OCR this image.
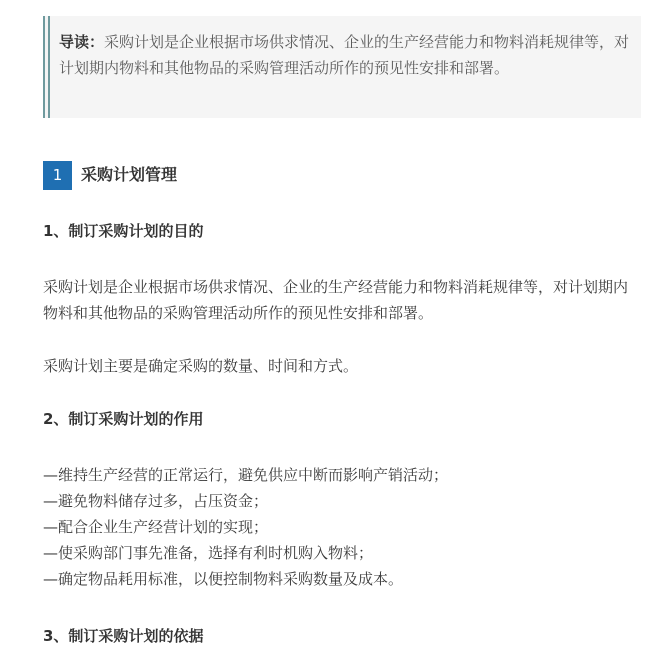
导读：采购计划是企业根据市场供求情况、企业的生产经营能力和物料消耗规律等，对计划期内物料和其他物品的采购管理活动所作的预见性安排和部署。
1	采购计划管理
1、制订采购计划的目的
采购计划是企业根据市场供求情况、企业的生产经营能力和物料消耗规律等，对计划期内物料和其他物品的采购管理活动所作的预见性安排和部署。
采购计划主要是确定采购的数量、时间和方式。
2、制订采购计划的作用
—维持生产经营的正常运行，避免供应中断而影响产销活动；
—避免物料储存过多，占压资金；
—配合企业生产经营计划的实现；
—使采购部门事先准备，选择有利时机购入物料；
—确定物品耗用标准，以便控制物料采购数量及成本。
3、制订采购计划的依据
